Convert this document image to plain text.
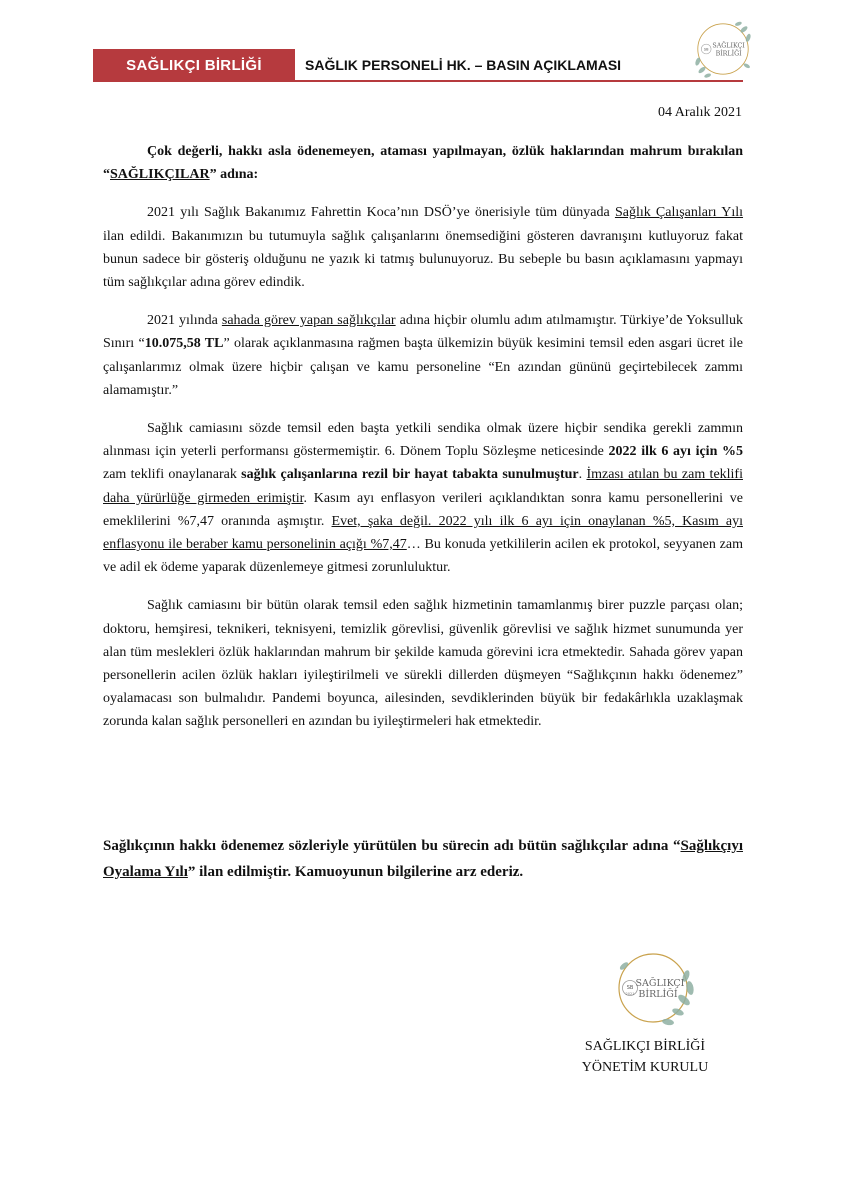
SAĞLIKÇI BİRLİĞİ	SAĞLIK PERSONELİ HK. – BASIN AÇIKLAMASI
SB SAĞLIKÇI
BİRLİĞİ
04 Aralık 2021

Çok değerli, hakkı asla ödenemeyen, ataması yapılmayan, özlük haklarından mahrum bırakılan “SAĞLIKÇILAR” adına:

2021 yılı Sağlık Bakanımız Fahrettin Koca’nın DSÖ’ye önerisiyle tüm dünyada Sağlık Çalışanları Yılı ilan edildi. Bakanımızın bu tutumuyla sağlık çalışanlarını önemsediğini gösteren davranışını kutluyoruz fakat bunun sadece bir gösteriş olduğunu ne yazık ki tatmış bulunuyoruz. Bu sebeple bu basın açıklamasını yapmayı tüm sağlıkçılar adına görev edindik.

2021 yılında sahada görev yapan sağlıkçılar adına hiçbir olumlu adım atılmamıştır. Türkiye’de Yoksulluk Sınırı “10.075,58 TL” olarak açıklanmasına rağmen başta ülkemizin büyük kesimini temsil eden asgari ücret ile çalışanlarımız olmak üzere hiçbir çalışan ve kamu personeline “En azından gününü geçirtebilecek zammı alamamıştır.”

Sağlık camiasını sözde temsil eden başta yetkili sendika olmak üzere hiçbir sendika gerekli zammın alınması için yeterli performansı göstermemiştir. 6. Dönem Toplu Sözleşme neticesinde 2022 ilk 6 ayı için %5 zam teklifi onaylanarak sağlık çalışanlarına rezil bir hayat tabakta sunulmuştur. İmzası atılan bu zam teklifi daha yürürlüğe girmeden erimiştir. Kasım ayı enflasyon verileri açıklandıktan sonra kamu personellerini ve emeklilerini %7,47 oranında aşmıştır. Evet, şaka değil. 2022 yılı ilk 6 ayı için onaylanan %5, Kasım ayı enflasyonu ile beraber kamu personelinin açığı %7,47… Bu konuda yetkililerin acilen ek protokol, seyyanen zam ve adil ek ödeme yaparak düzenlemeye gitmesi zorunluluktur.

Sağlık camiasını bir bütün olarak temsil eden sağlık hizmetinin tamamlanmış birer puzzle parçası olan; doktoru, hemşiresi, teknikeri, teknisyeni, temizlik görevlisi, güvenlik görevlisi ve sağlık hizmet sunumunda yer alan tüm meslekleri özlük haklarından mahrum bir şekilde kamuda görevini icra etmektedir. Sahada görev yapan personellerin acilen özlük hakları iyileştirilmeli ve sürekli dillerden düşmeyen “Sağlıkçının hakkı ödenemez” oyalamacası son bulmalıdır. Pandemi boyunca, ailesinden, sevdiklerinden büyük bir fedakârlıkla uzaklaşmak zorunda kalan sağlık personelleri en azından bu iyileştirmeleri hak etmektedir.

Sağlıkçının hakkı ödenemez sözleriyle yürütülen bu sürecin adı bütün sağlıkçılar adına “Sağlıkçıyı Oyalama Yılı” ilan edilmiştir. Kamuoyunun bilgilerine arz ederiz.
SB
2021
SAĞLIKÇI
BİRLİĞİ
SAĞLIKÇI BİRLİĞİ
YÖNETİM KURULU
